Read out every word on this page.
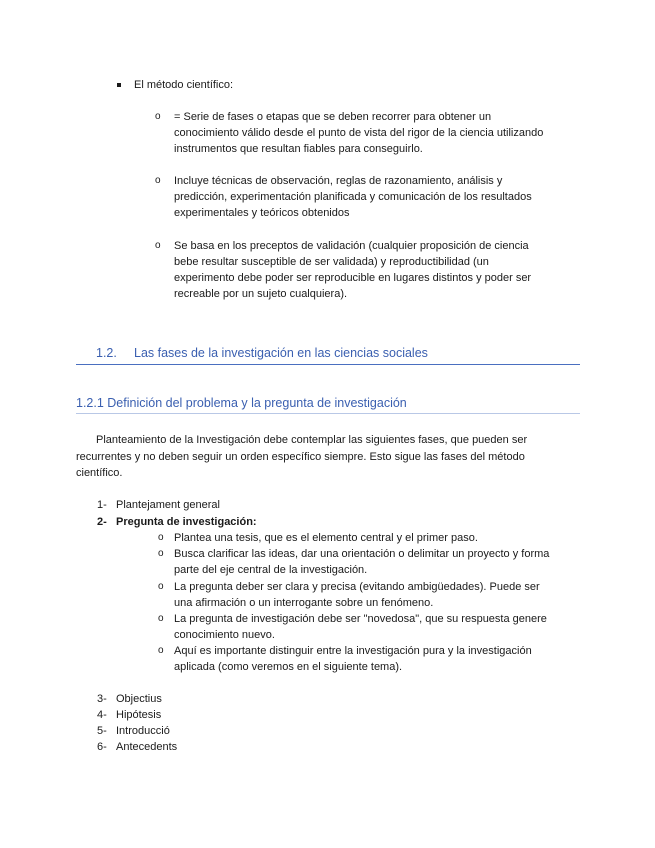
El método científico:
o = Serie de fases o etapas que se deben recorrer para obtener un
conocimiento válido desde el punto de vista del rigor de la ciencia utilizando
instrumentos que resultan fiables para conseguirlo.
o Incluye técnicas de observación, reglas de razonamiento, análisis y
predicción, experimentación planificada y comunicación de los resultados
experimentales y teóricos obtenidos
o Se basa en los preceptos de validación (cualquier proposición de ciencia
bebe resultar susceptible de ser validada) y reproductibilidad (un
experimento debe poder ser reproducible en lugares distintos y poder ser
recreable por un sujeto cualquiera).
1.2. Las fases de la investigación en las ciencias sociales
1.2.1 Definición del problema y la pregunta de investigación
Planteamiento de la Investigación debe contemplar las siguientes fases, que pueden ser
recurrentes y no deben seguir un orden específico siempre. Esto sigue las fases del método
científico.
1- Plantejament general
2- Pregunta de investigación:
o Plantea una tesis, que es el elemento central y el primer paso.
o Busca clarificar las ideas, dar una orientación o delimitar un proyecto y forma
parte del eje central de la investigación.
o La pregunta deber ser clara y precisa (evitando ambigüedades). Puede ser
una afirmación o un interrogante sobre un fenómeno.
o La pregunta de investigación debe ser "novedosa", que su respuesta genere
conocimiento nuevo.
o Aquí es importante distinguir entre la investigación pura y la investigación
aplicada (como veremos en el siguiente tema).
3- Objectius
4- Hipótesis
5- Introducció
6- Antecedents
